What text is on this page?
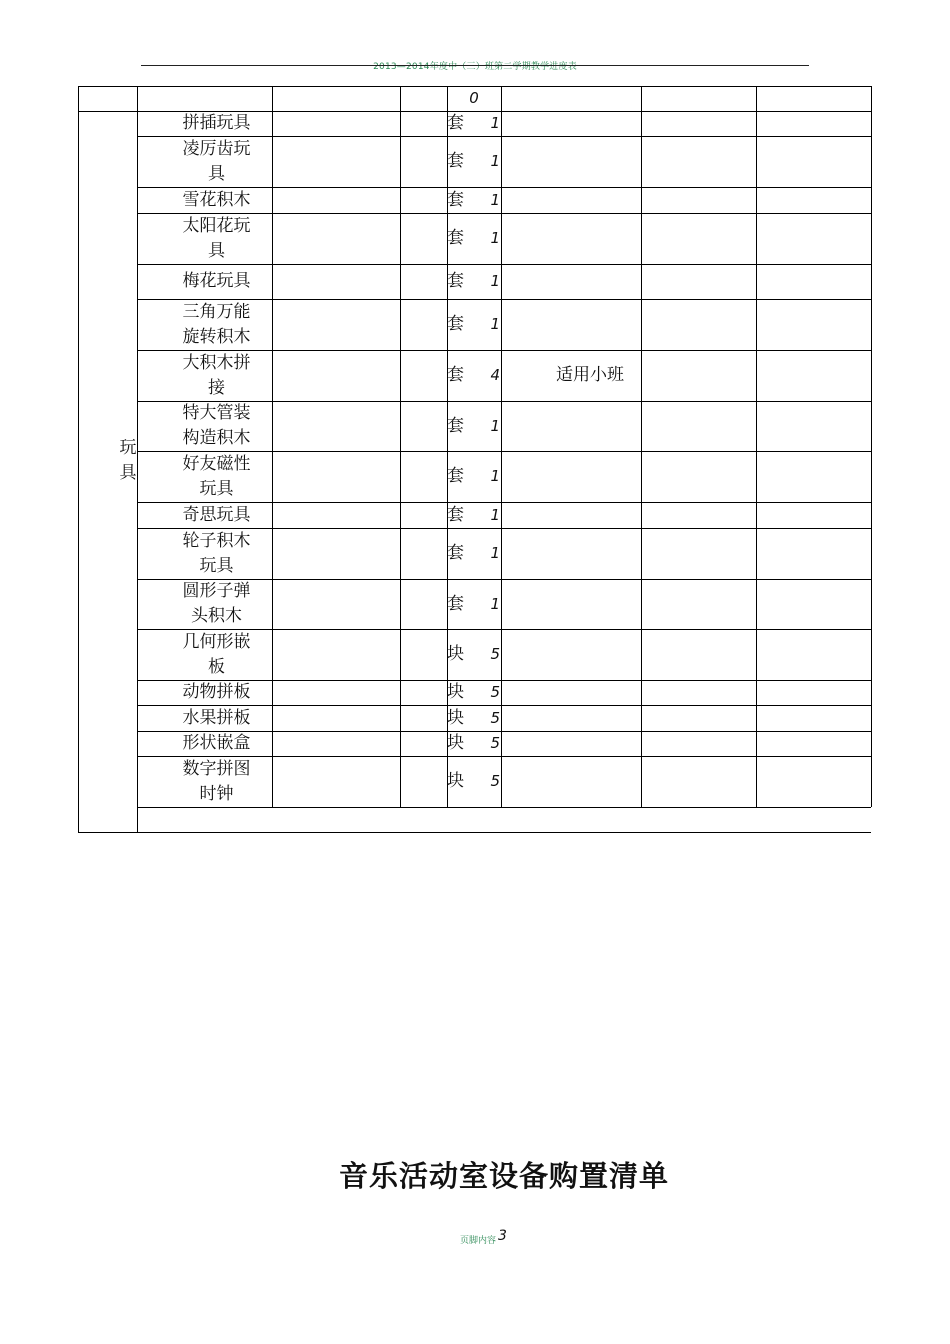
2013—2014年度中（三）班第二学期教学进度表
0
玩
具
拼插玩具	套	1
凌厉齿玩
具
套	1
雪花积木	套	1
太阳花玩
具
套	1
梅花玩具	套	1
三角万能
旋转积木
套	1
大积木拼
接
套	4	适用小班
特大管装
构造积木
套	1
好友磁性
玩具
套	1
奇思玩具	套	1
轮子积木
玩具
套	1
圆形子弹
头积木
套	1
几何形嵌
板
块	5
动物拼板	块	5
水果拼板	块	5
形状嵌盒	块	5
数字拼图
时钟
块	5
音乐活动室设备购置清单
页脚内容 3
